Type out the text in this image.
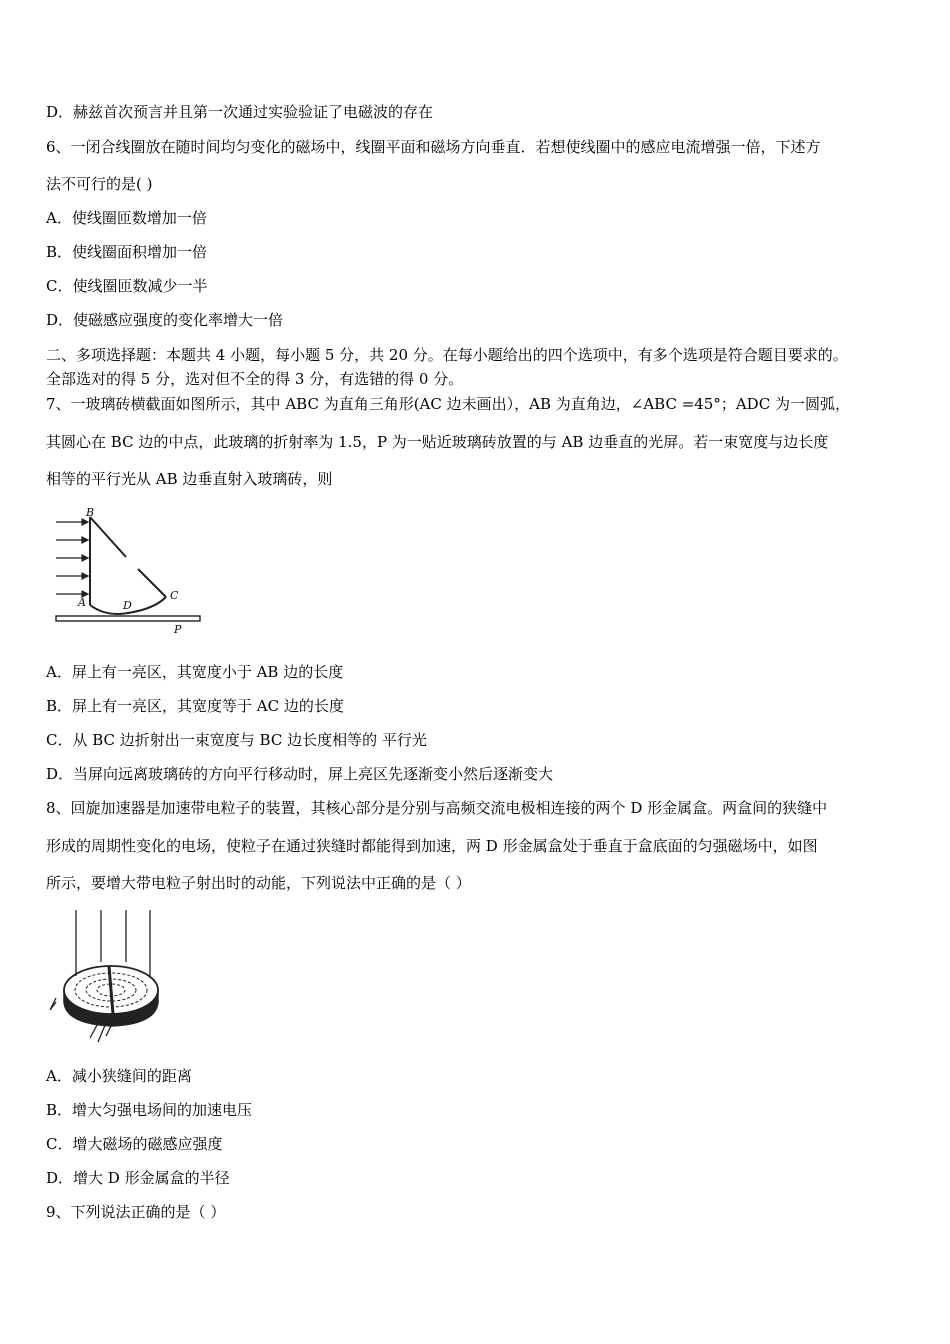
D．赫兹首次预言并且第一次通过实验验证了电磁波的存在
6、一闭合线圈放在随时间均匀变化的磁场中，线圈平面和磁场方向垂直．若想使线圈中的感应电流增强一倍，下述方
法不可行的是( )
A．使线圈匝数增加一倍
B．使线圈面积增加一倍
C．使线圈匝数减少一半
D．使磁感应强度的变化率增大一倍
二、多项选择题：本题共 4 小题，每小题 5 分，共 20 分。在每小题给出的四个选项中，有多个选项是符合题目要求的。
全部选对的得 5 分，选对但不全的得 3 分，有选错的得 0 分。
7、一玻璃砖横截面如图所示，其中 ABC 为直角三角形(AC 边未画出），AB 为直角边，∠ABC =45°；ADC 为一圆弧，
其圆心在 BC 边的中点，此玻璃的折射率为 1.5，P 为一贴近玻璃砖放置的与 AB 边垂直的光屏。若一束宽度与边长度
相等的平行光从 AB 边垂直射入玻璃砖，则
B
A	D
C
P
A．屏上有一亮区，其宽度小于 AB 边的长度
B．屏上有一亮区，其宽度等于 AC 边的长度
C．从 BC 边折射出一束宽度与 BC 边长度相等的 平行光
D．当屏向远离玻璃砖的方向平行移动时，屏上亮区先逐渐变小然后逐渐变大
8、回旋加速器是加速带电粒子的装置，其核心部分是分别与高频交流电极相连接的两个 D 形金属盒。两盒间的狭缝中
形成的周期性变化的电场，使粒子在通过狭缝时都能得到加速，两 D 形金属盒处于垂直于盒底面的匀强磁场中，如图
所示，要增大带电粒子射出时的动能，下列说法中正确的是（ ）
A．减小狭缝间的距离
B．增大匀强电场间的加速电压
C．增大磁场的磁感应强度
D．增大 D 形金属盒的半径
9、下列说法正确的是（ ）
